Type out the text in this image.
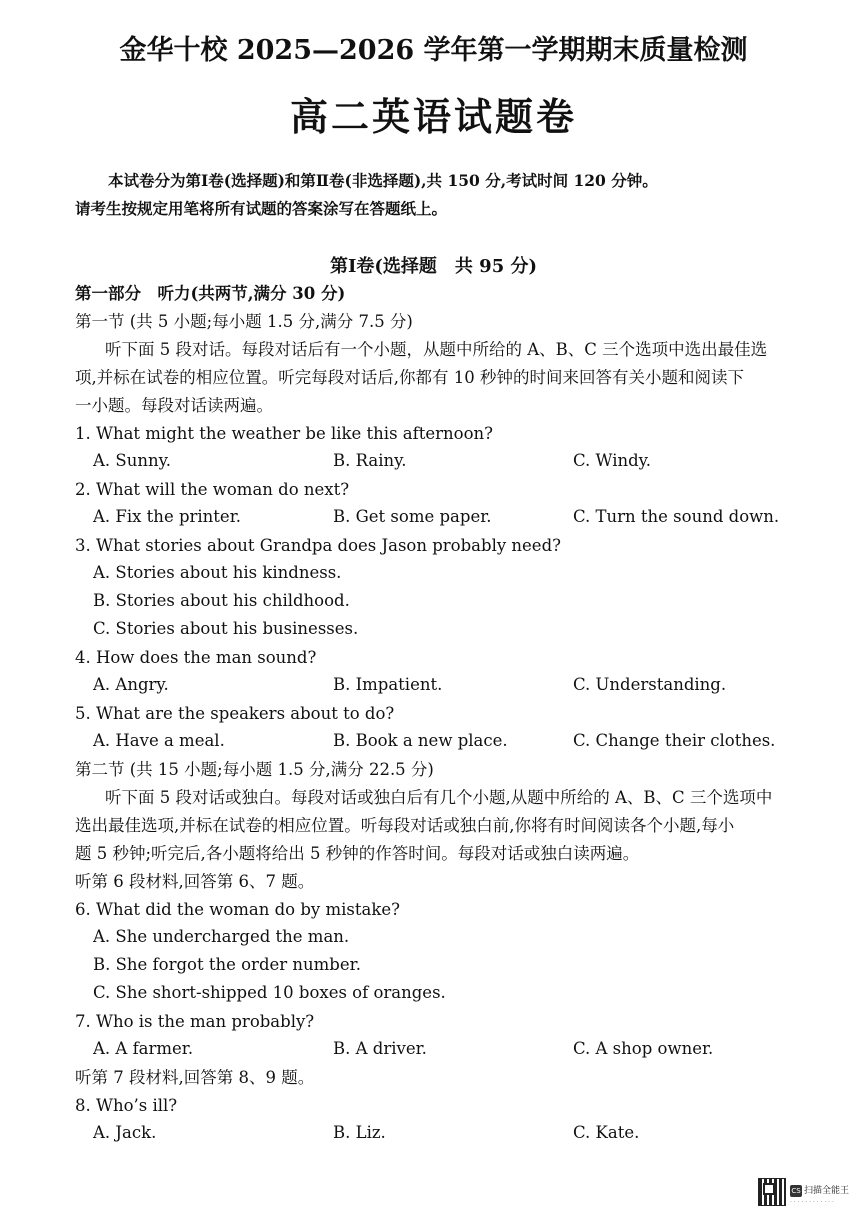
金华十校 2025—2026 学年第一学期期末质量检测
高二英语试题卷
本试卷分为第Ⅰ卷(选择题)和第Ⅱ卷(非选择题),共 150 分,考试时间 120 分钟。
请考生按规定用笔将所有试题的答案涂写在答题纸上。
第Ⅰ卷(选择题　共 95 分)
第一部分　听力(共两节,满分 30 分)
第一节 (共 5 小题;每小题 1.5 分,满分 7.5 分)
听下面 5 段对话。每段对话后有一个小题，从题中所给的 A、B、C 三个选项中选出最佳选
项,并标在试卷的相应位置。听完每段对话后,你都有 10 秒钟的时间来回答有关小题和阅读下
一小题。每段对话读两遍。
1. What might the weather be like this afternoon?
A. Sunny.	B. Rainy.	C. Windy.
2. What will the woman do next?
A. Fix the printer.	B. Get some paper.	C. Turn the sound down.
3. What stories about Grandpa does Jason probably need?
A. Stories about his kindness.
B. Stories about his childhood.
C. Stories about his businesses.
4. How does the man sound?
A. Angry.	B. Impatient.	C. Understanding.
5. What are the speakers about to do?
A. Have a meal.	B. Book a new place.	C. Change their clothes.
第二节 (共 15 小题;每小题 1.5 分,满分 22.5 分)
听下面 5 段对话或独白。每段对话或独白后有几个小题,从题中所给的 A、B、C 三个选项中
选出最佳选项,并标在试卷的相应位置。听每段对话或独白前,你将有时间阅读各个小题,每小
题 5 秒钟;听完后,各小题将给出 5 秒钟的作答时间。每段对话或独白读两遍。
听第 6 段材料,回答第 6、7 题。
6. What did the woman do by mistake?
A. She undercharged the man.
B. She forgot the order number.
C. She short-shipped 10 boxes of oranges.
7. Who is the man probably?
A. A farmer.	B. A driver.	C. A shop owner.
听第 7 段材料,回答第 8、9 题。
8. Who’s ill?
A. Jack.	B. Liz.	C. Kate.
CS 扫描全能王
· · · · · · · · · · · ·
